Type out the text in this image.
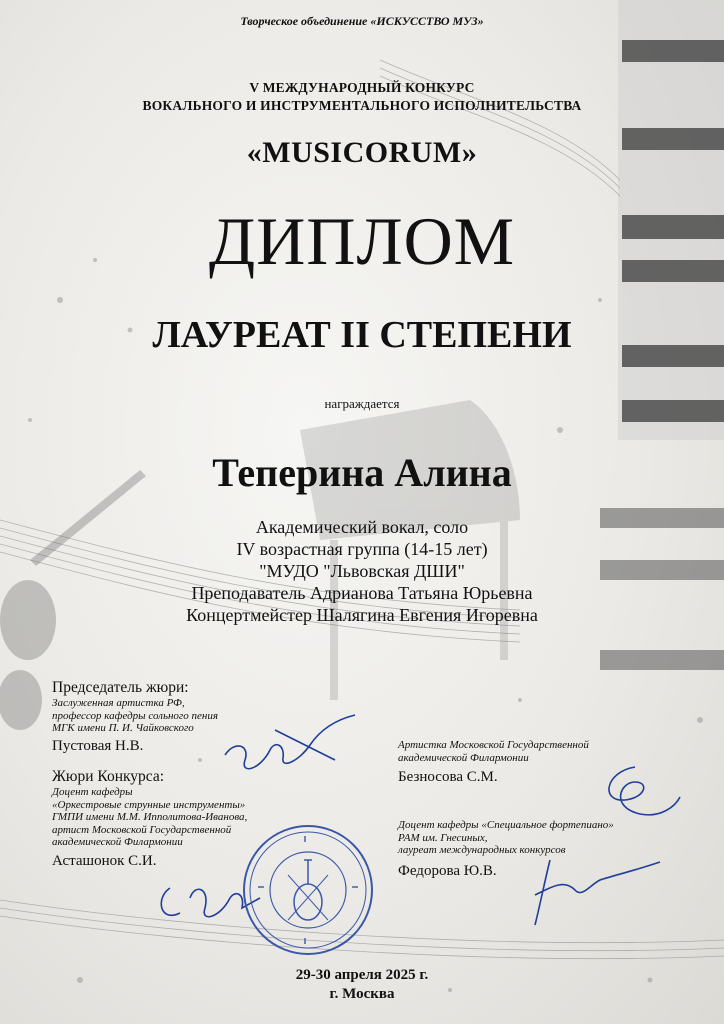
Творческое объединение «ИСКУССТВО МУЗ»
V МЕЖДУНАРОДНЫЙ КОНКУРС
ВОКАЛЬНОГО И ИНСТРУМЕНТАЛЬНОГО ИСПОЛНИТЕЛЬСТВА
«MUSICORUM»
ДИПЛОМ
ЛАУРЕАТ II СТЕПЕНИ
награждается
Теперина Алина
Академический вокал, соло
IV возрастная группа (14-15 лет)
"МУДО "Львовская ДШИ"
Преподаватель Адрианова Татьяна Юрьевна
Концертмейстер Шалягина Евгения Игоревна
Председатель жюри:
Заслуженная артистка РФ,
профессор кафедры сольного пения
МГК имени П. И. Чайковского
Пустовая Н.В.
Жюри Конкурса:
Доцент кафедры
«Оркестровые струнные инструменты»
ГМПИ имени М.М. Ипполитова-Иванова,
артист Московской Государственной
академической Филармонии
Асташонок С.И.
Артистка Московской Государственной
академической Филармонии
Безносова С.М.
Доцент кафедры «Специальное фортепиано»
РАМ им. Гнесиных,
лауреат международных конкурсов
Федорова Ю.В.
29-30 апреля 2025 г.
г. Москва
